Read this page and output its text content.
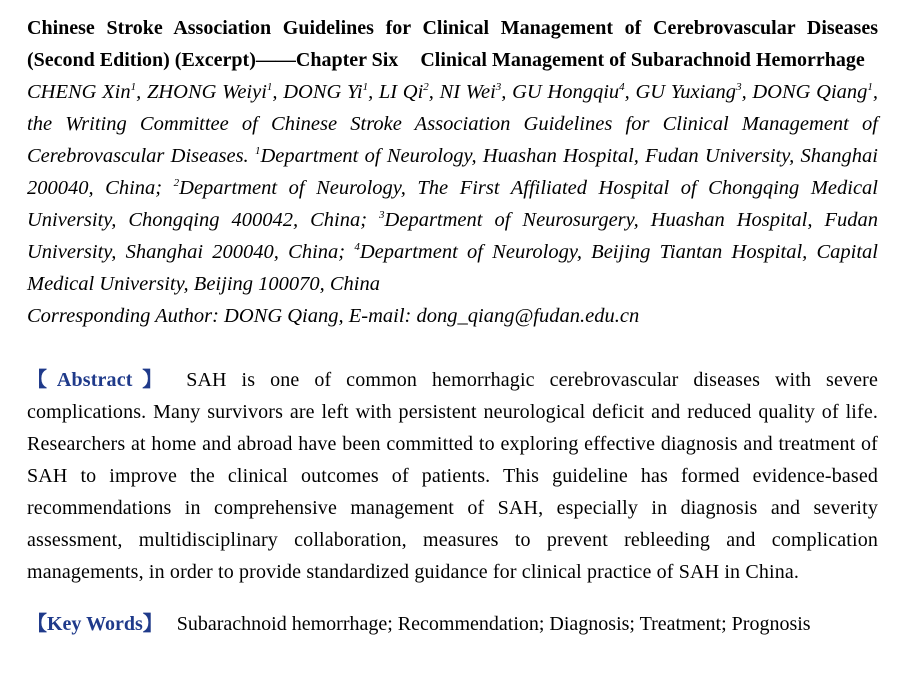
Chinese Stroke Association Guidelines for Clinical Management of Cerebrovascular Diseases (Second Edition) (Excerpt)——Chapter Six Clinical Management of Subarachnoid Hemorrhage

CHENG Xin$^1$, ZHONG Weiyi$^1$, DONG Yi$^1$, LI Qi$^2$, NI Wei$^3$, GU Hongqiu$^4$, GU Yuxiang$^3$, DONG Qiang$^1$, the Writing Committee of Chinese Stroke Association Guidelines for Clinical Management of Cerebrovascular Diseases. $^1$Department of Neurology, Huashan Hospital, Fudan University, Shanghai 200040, China; $^2$Department of Neurology, The First Affiliated Hospital of Chongqing Medical University, Chongqing 400042, China; $^3$Department of Neurosurgery, Huashan Hospital, Fudan University, Shanghai 200040, China; $^4$Department of Neurology, Beijing Tiantan Hospital, Capital Medical University, Beijing 100070, China

Corresponding Author: DONG Qiang, E-mail: dong_qiang@fudan.edu.cn

【Abstract】 SAH is one of common hemorrhagic cerebrovascular diseases with severe complications. Many survivors are left with persistent neurological deficit and reduced quality of life. Researchers at home and abroad have been committed to exploring effective diagnosis and treatment of SAH to improve the clinical outcomes of patients. This guideline has formed evidence-based recommendations in comprehensive management of SAH, especially in diagnosis and severity assessment, multidisciplinary collaboration, measures to prevent rebleeding and complication managements, in order to provide standardized guidance for clinical practice of SAH in China.

【Key Words】 Subarachnoid hemorrhage; Recommendation; Diagnosis; Treatment; Prognosis
